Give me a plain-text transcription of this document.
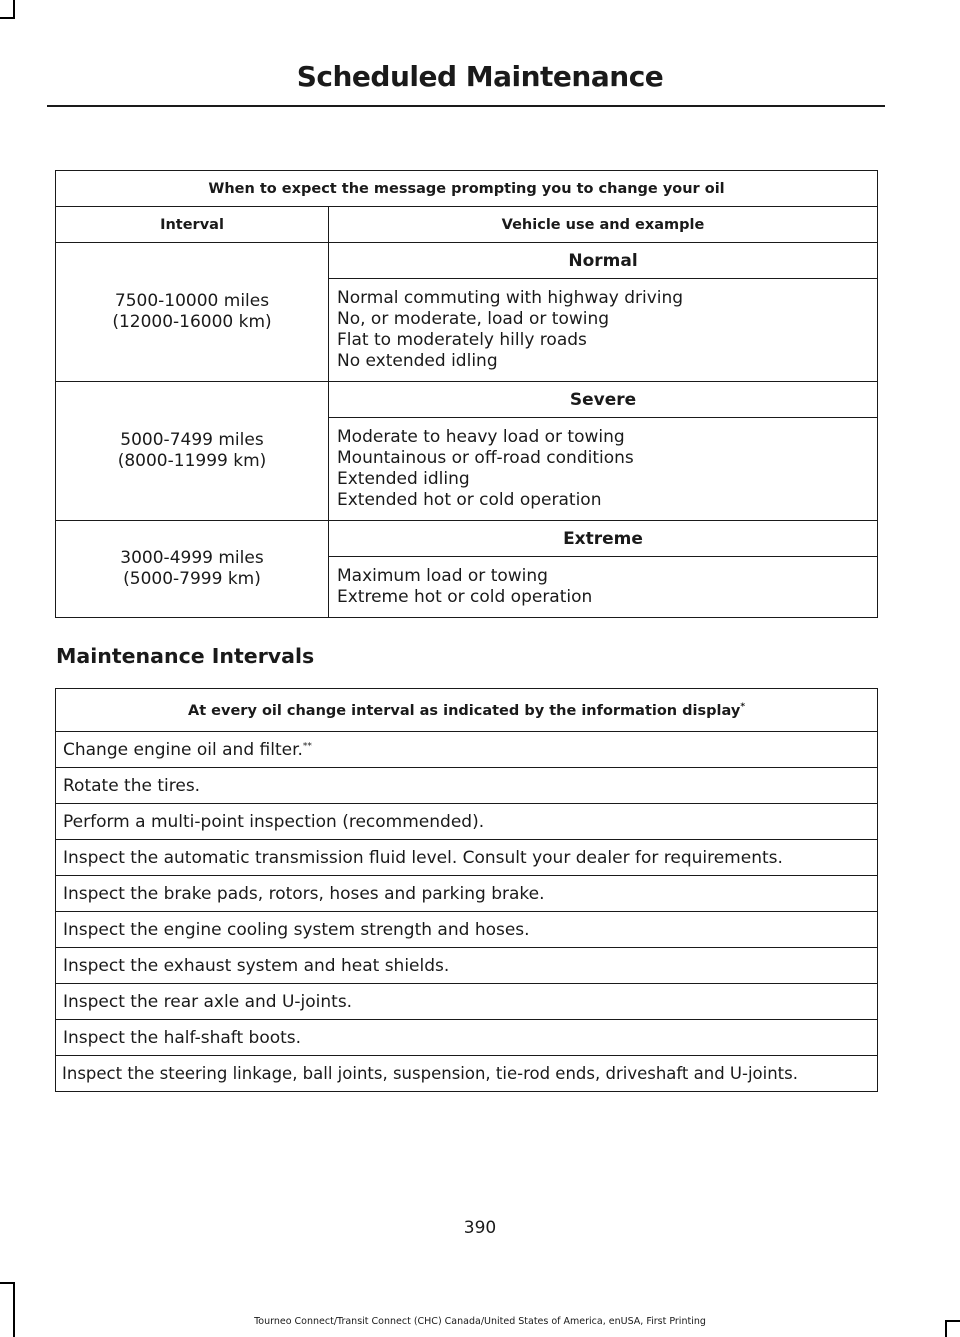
Scheduled Maintenance
When to expect the message prompting you to change your oil	
Interval	Vehicle use and example
7500-10000 miles
(12000-16000 km)	Normal

	Normal commuting with highway driving
No, or moderate, load or towing
Flat to moderately hilly roads
No extended idling

5000-7499 miles
(8000-11999 km)	Severe

	Moderate to heavy load or towing
Mountainous or off-road conditions
Extended idling
Extended hot or cold operation

3000-4999 miles
(5000-7999 km)	Extreme

	Maximum load or towing
Extreme hot or cold operation
Maintenance Intervals
At every oil change interval as indicated by the information display*
Change engine oil and filter.**
Rotate the tires.
Perform a multi-point inspection (recommended).
Inspect the automatic transmission fluid level. Consult your dealer for requirements.
Inspect the brake pads, rotors, hoses and parking brake.
Inspect the engine cooling system strength and hoses.
Inspect the exhaust system and heat shields.
Inspect the rear axle and U-joints.
Inspect the half-shaft boots.
Inspect the steering linkage, ball joints, suspension, tie-rod ends, driveshaft and U-joints.
390
Tourneo Connect/Transit Connect (CHC) Canada/United States of America, enUSA, First Printing
